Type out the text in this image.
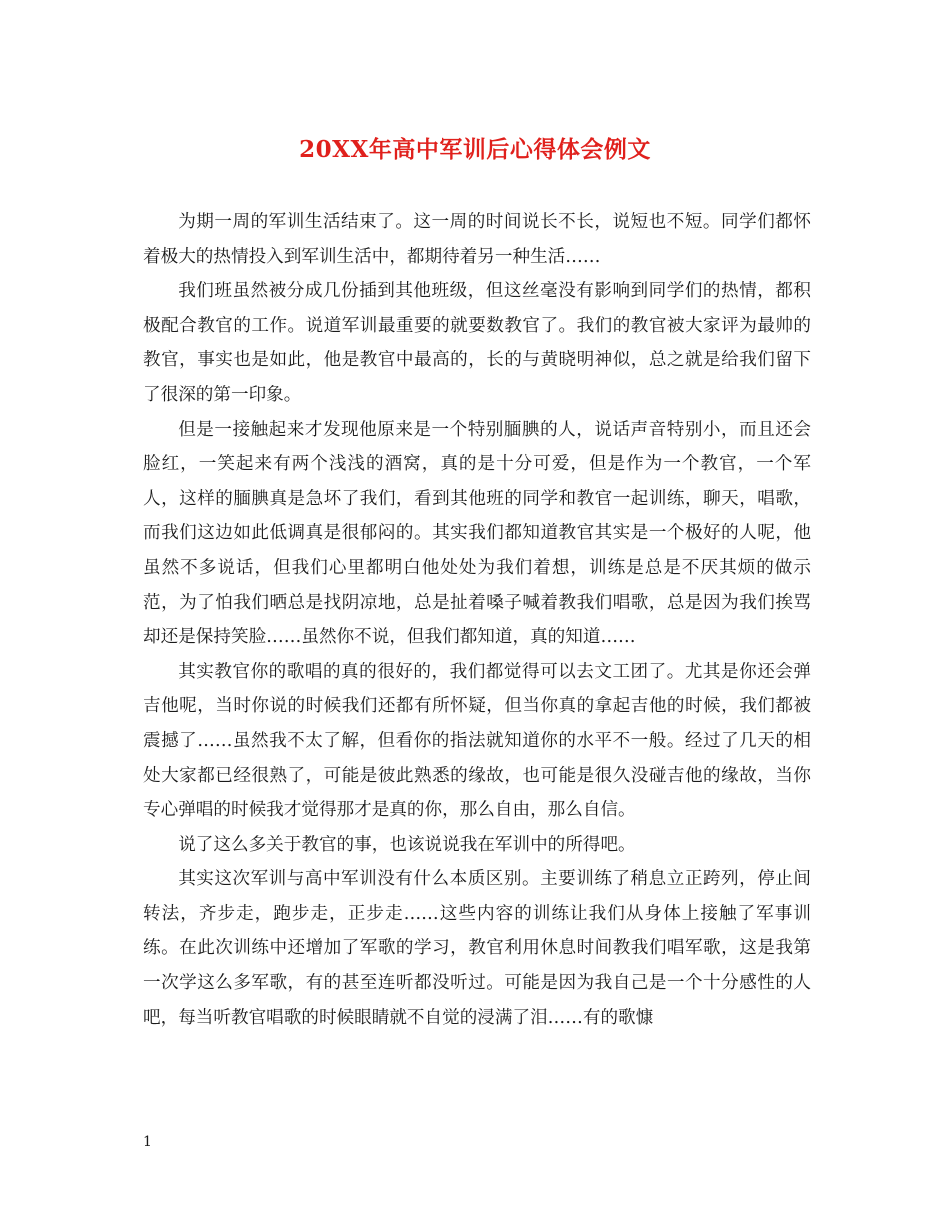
20XX年高中军训后心得体会例文

为期一周的军训生活结束了。这一周的时间说长不长，说短也不短。同学们都怀着极大的热情投入到军训生活中，都期待着另一种生活……

我们班虽然被分成几份插到其他班级，但这丝毫没有影响到同学们的热情，都积极配合教官的工作。说道军训最重要的就要数教官了。我们的教官被大家评为最帅的教官，事实也是如此，他是教官中最高的，长的与黄晓明神似，总之就是给我们留下了很深的第一印象。

但是一接触起来才发现他原来是一个特别腼腆的人，说话声音特别小，而且还会脸红，一笑起来有两个浅浅的酒窝，真的是十分可爱，但是作为一个教官，一个军人，这样的腼腆真是急坏了我们，看到其他班的同学和教官一起训练，聊天，唱歌，而我们这边如此低调真是很郁闷的。其实我们都知道教官其实是一个极好的人呢，他虽然不多说话，但我们心里都明白他处处为我们着想，训练是总是不厌其烦的做示范，为了怕我们晒总是找阴凉地，总是扯着嗓子喊着教我们唱歌，总是因为我们挨骂却还是保持笑脸……虽然你不说，但我们都知道，真的知道……

其实教官你的歌唱的真的很好的，我们都觉得可以去文工团了。尤其是你还会弹吉他呢，当时你说的时候我们还都有所怀疑，但当你真的拿起吉他的时候，我们都被震撼了……虽然我不太了解，但看你的指法就知道你的水平不一般。经过了几天的相处大家都已经很熟了，可能是彼此熟悉的缘故，也可能是很久没碰吉他的缘故，当你专心弹唱的时候我才觉得那才是真的你，那么自由，那么自信。

说了这么多关于教官的事，也该说说我在军训中的所得吧。

其实这次军训与高中军训没有什么本质区别。主要训练了稍息立正跨列，停止间转法，齐步走，跑步走，正步走……这些内容的训练让我们从身体上接触了军事训练。在此次训练中还增加了军歌的学习，教官利用休息时间教我们唱军歌，这是我第一次学这么多军歌，有的甚至连听都没听过。可能是因为我自己是一个十分感性的人吧，每当听教官唱歌的时候眼睛就不自觉的浸满了泪……有的歌慷

1
